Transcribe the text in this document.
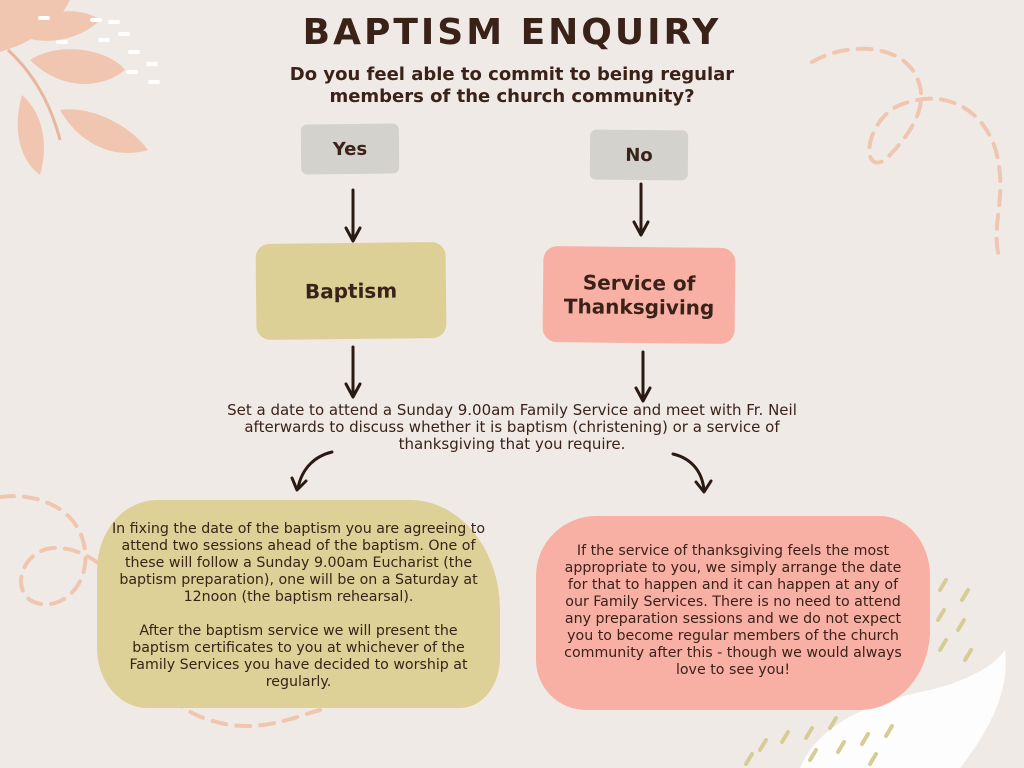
BAPTISM ENQUIRY
Do you feel able to commit to being regular members of the church community?
Yes	No
Baptism	Service of Thanksgiving
Set a date to attend a Sunday 9.00am Family Service and meet with Fr. Neil afterwards to discuss whether it is baptism (christening) or a service of thanksgiving that you require.

In fixing the date of the baptism you are agreeing to attend two sessions ahead of the baptism. One of these will follow a Sunday 9.00am Eucharist (the baptism preparation), one will be on a Saturday at 12noon (the baptism rehearsal).

After the baptism service we will present the baptism certificates to you at whichever of the Family Services you have decided to worship at regularly.

If the service of thanksgiving feels the most appropriate to you, we simply arrange the date for that to happen and it can happen at any of our Family Services. There is no need to attend any preparation sessions and we do not expect you to become regular members of the church community after this - though we would always love to see you!
